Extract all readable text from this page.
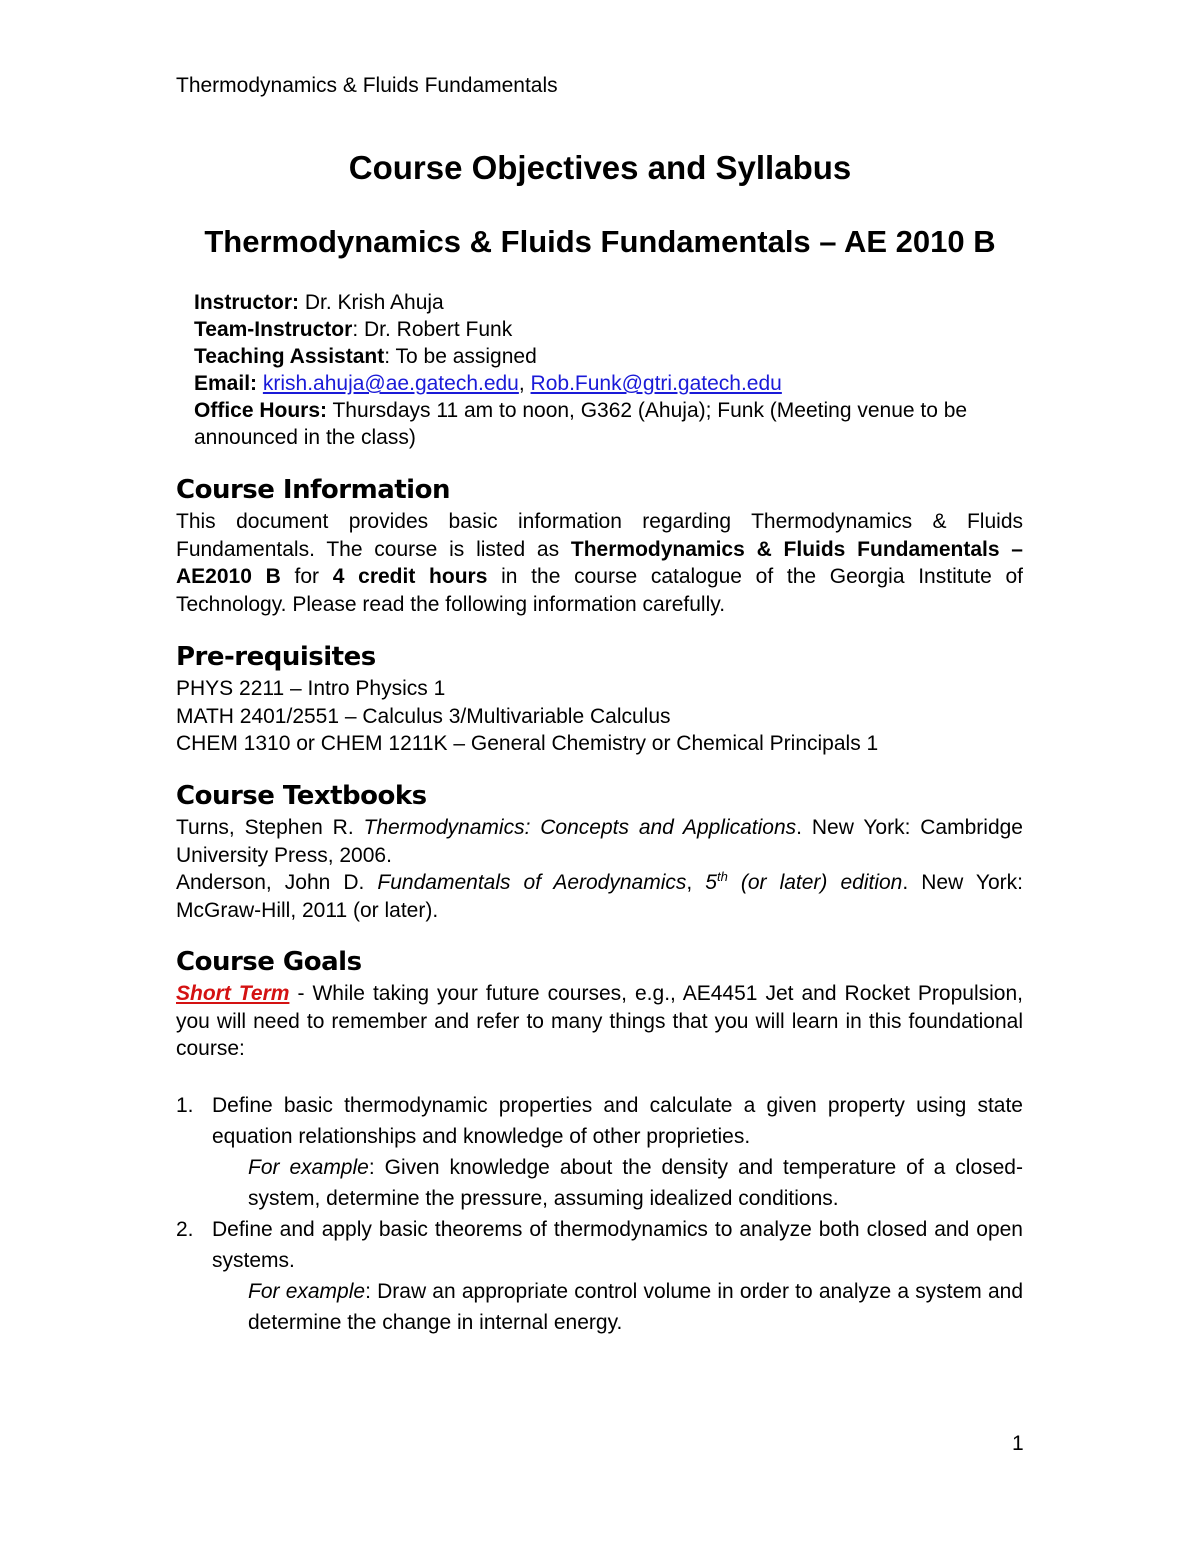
Thermodynamics & Fluids Fundamentals
Course Objectives and Syllabus
Thermodynamics & Fluids Fundamentals – AE 2010 B
Instructor: Dr. Krish Ahuja
Team-Instructor: Dr. Robert Funk
Teaching Assistant: To be assigned
Email: krish.ahuja@ae.gatech.edu, Rob.Funk@gtri.gatech.edu
Office Hours: Thursdays 11 am to noon, G362 (Ahuja); Funk (Meeting venue to be announced in the class)
Course Information
This document provides basic information regarding Thermodynamics & Fluids Fundamentals. The course is listed as Thermodynamics & Fluids Fundamentals – AE2010 B for 4 credit hours in the course catalogue of the Georgia Institute of Technology. Please read the following information carefully.
Pre-requisites
PHYS 2211 – Intro Physics 1
MATH 2401/2551 – Calculus 3/Multivariable Calculus
CHEM 1310 or CHEM 1211K – General Chemistry or Chemical Principals 1
Course Textbooks
Turns, Stephen R. Thermodynamics: Concepts and Applications. New York: Cambridge University Press, 2006.
Anderson, John D. Fundamentals of Aerodynamics, 5th (or later) edition. New York: McGraw-Hill, 2011 (or later).
Course Goals
Short Term - While taking your future courses, e.g., AE4451 Jet and Rocket Propulsion, you will need to remember and refer to many things that you will learn in this foundational course:
1. Define basic thermodynamic properties and calculate a given property using state equation relationships and knowledge of other proprieties.
For example: Given knowledge about the density and temperature of a closed-system, determine the pressure, assuming idealized conditions.
2. Define and apply basic theorems of thermodynamics to analyze both closed and open systems.
For example: Draw an appropriate control volume in order to analyze a system and determine the change in internal energy.
1
